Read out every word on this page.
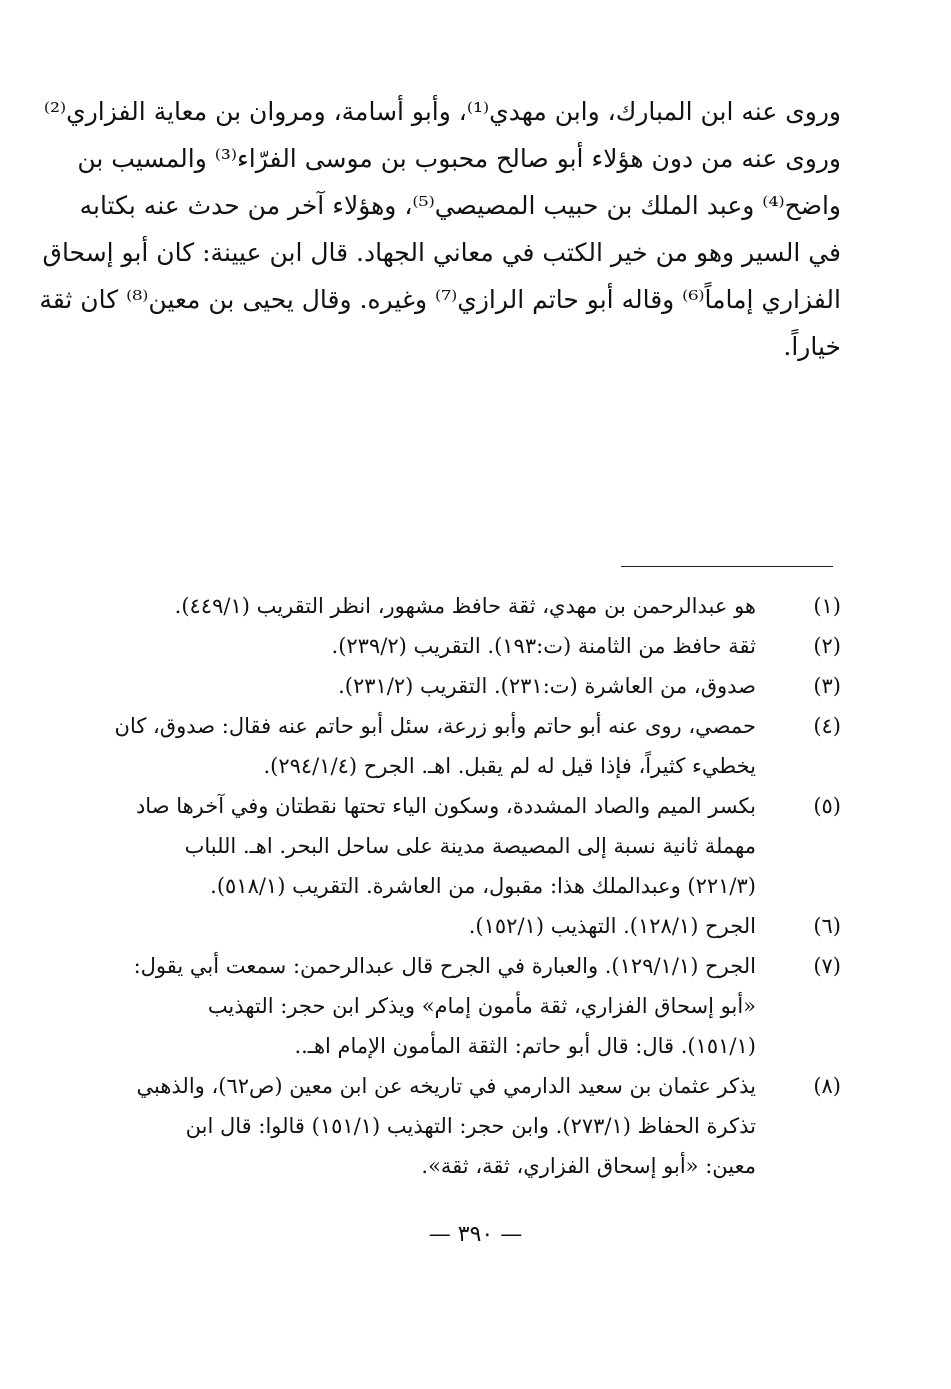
وروى عنه ابن المبارك، وابن مهدي⁽¹⁾، وأبو أسامة، ومروان بن معاية الفزاري⁽²⁾
وروى عنه من دون هؤلاء أبو صالح محبوب بن موسى الفرّاء⁽³⁾ والمسيب بن
واضح⁽⁴⁾ وعبد الملك بن حبيب المصيصي⁽⁵⁾، وهؤلاء آخر من حدث عنه بكتابه
في السير وهو من خير الكتب في معاني الجهاد. قال ابن عيينة: كان أبو إسحاق
الفزاري إماماً⁽⁶⁾ وقاله أبو حاتم الرازي⁽⁷⁾ وغيره. وقال يحيى بن معين⁽⁸⁾ كان ثقة
خياراً.
(١)
هو عبدالرحمن بن مهدي، ثقة حافظ مشهور، انظر التقريب (٤٤٩/١).
(٢)
ثقة حافظ من الثامنة (ت:١٩٣). التقريب (٢٣٩/٢).
(٣)
صدوق، من العاشرة (ت:٢٣١). التقريب (٢٣١/٢).
(٤)
حمصي، روى عنه أبو حاتم وأبو زرعة، سئل أبو حاتم عنه فقال: صدوق، كان
يخطيء كثيراً، فإذا قيل له لم يقبل. اهـ. الجرح (٢٩٤/١/٤).
(٥)
بكسر الميم والصاد المشددة، وسكون الياء تحتها نقطتان وفي آخرها صاد
مهملة ثانية نسبة إلى المصيصة مدينة على ساحل البحر. اهـ. اللباب
(٢٢١/٣) وعبدالملك هذا: مقبول، من العاشرة. التقريب (٥١٨/١).
(٦)
الجرح (١٢٨/١). التهذيب (١٥٢/١).
(٧)
الجرح (١٢٩/١/١). والعبارة في الجرح قال عبدالرحمن: سمعت أبي يقول:
«أبو إسحاق الفزاري، ثقة مأمون إمام» ويذكر ابن حجر: التهذيب
(١٥١/١). قال: قال أبو حاتم: الثقة المأمون الإمام اهـ..
(٨)
يذكر عثمان بن سعيد الدارمي في تاريخه عن ابن معين (ص٦٢)، والذهبي
تذكرة الحفاظ (٢٧٣/١). وابن حجر: التهذيب (١٥١/١) قالوا: قال ابن
معين: «أبو إسحاق الفزاري، ثقة، ثقة».
— ٣٩٠ —
